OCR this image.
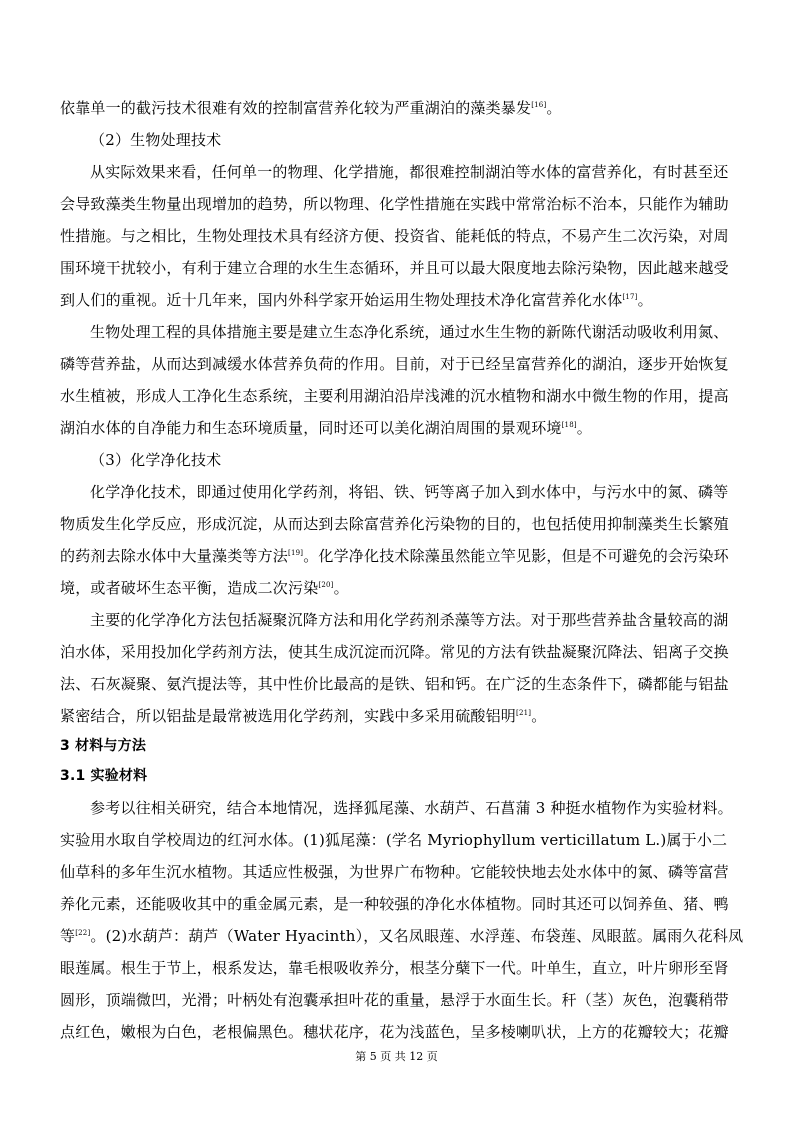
依靠单一的截污技术很难有效的控制富营养化较为严重湖泊的藻类暴发[16]。
（2）生物处理技术
从实际效果来看，任何单一的物理、化学措施，都很难控制湖泊等水体的富营养化，有时甚至还
会导致藻类生物量出现增加的趋势，所以物理、化学性措施在实践中常常治标不治本，只能作为辅助
性措施。与之相比，生物处理技术具有经济方便、投资省、能耗低的特点，不易产生二次污染，对周
围环境干扰较小，有利于建立合理的水生生态循环，并且可以最大限度地去除污染物，因此越来越受
到人们的重视。近十几年来，国内外科学家开始运用生物处理技术净化富营养化水体[17]。
生物处理工程的具体措施主要是建立生态净化系统，通过水生生物的新陈代谢活动吸收利用氮、
磷等营养盐，从而达到减缓水体营养负荷的作用。目前，对于已经呈富营养化的湖泊，逐步开始恢复
水生植被，形成人工净化生态系统，主要利用湖泊沿岸浅滩的沉水植物和湖水中微生物的作用，提高
湖泊水体的自净能力和生态环境质量，同时还可以美化湖泊周围的景观环境[18]。
（3）化学净化技术
化学净化技术，即通过使用化学药剂，将铝、铁、钙等离子加入到水体中，与污水中的氮、磷等
物质发生化学反应，形成沉淀，从而达到去除富营养化污染物的目的，也包括使用抑制藻类生长繁殖
的药剂去除水体中大量藻类等方法[19]。化学净化技术除藻虽然能立竿见影，但是不可避免的会污染环
境，或者破坏生态平衡，造成二次污染[20]。
主要的化学净化方法包括凝聚沉降方法和用化学药剂杀藻等方法。对于那些营养盐含量较高的湖
泊水体，采用投加化学药剂方法，使其生成沉淀而沉降。常见的方法有铁盐凝聚沉降法、铝离子交换
法、石灰凝聚、氨汽提法等，其中性价比最高的是铁、铝和钙。在广泛的生态条件下，磷都能与铝盐
紧密结合，所以铝盐是最常被选用化学药剂，实践中多采用硫酸铝明[21]。
3 材料与方法
3.1 实验材料
参考以往相关研究，结合本地情况，选择狐尾藻、水葫芦、石菖蒲 3 种挺水植物作为实验材料。
实验用水取自学校周边的红河水体。(1)狐尾藻：(学名 Myriophyllum verticillatum L.)属于小二
仙草科的多年生沉水植物。其适应性极强，为世界广布物种。它能较快地去处水体中的氮、磷等富营
养化元素，还能吸收其中的重金属元素，是一种较强的净化水体植物。同时其还可以饲养鱼、猪、鸭
等[22]。(2)水葫芦：葫芦（Water Hyacinth），又名凤眼莲、水浮莲、布袋莲、凤眼蓝。属雨久花科凤
眼莲属。根生于节上，根系发达，靠毛根吸收养分，根茎分蘖下一代。叶单生，直立，叶片卵形至肾
圆形，顶端微凹，光滑；叶柄处有泡囊承担叶花的重量，悬浮于水面生长。秆（茎）灰色，泡囊稍带
点红色，嫩根为白色，老根偏黑色。穗状花序，花为浅蓝色，呈多棱喇叭状，上方的花瓣较大；花瓣
第 5 页 共 12 页
